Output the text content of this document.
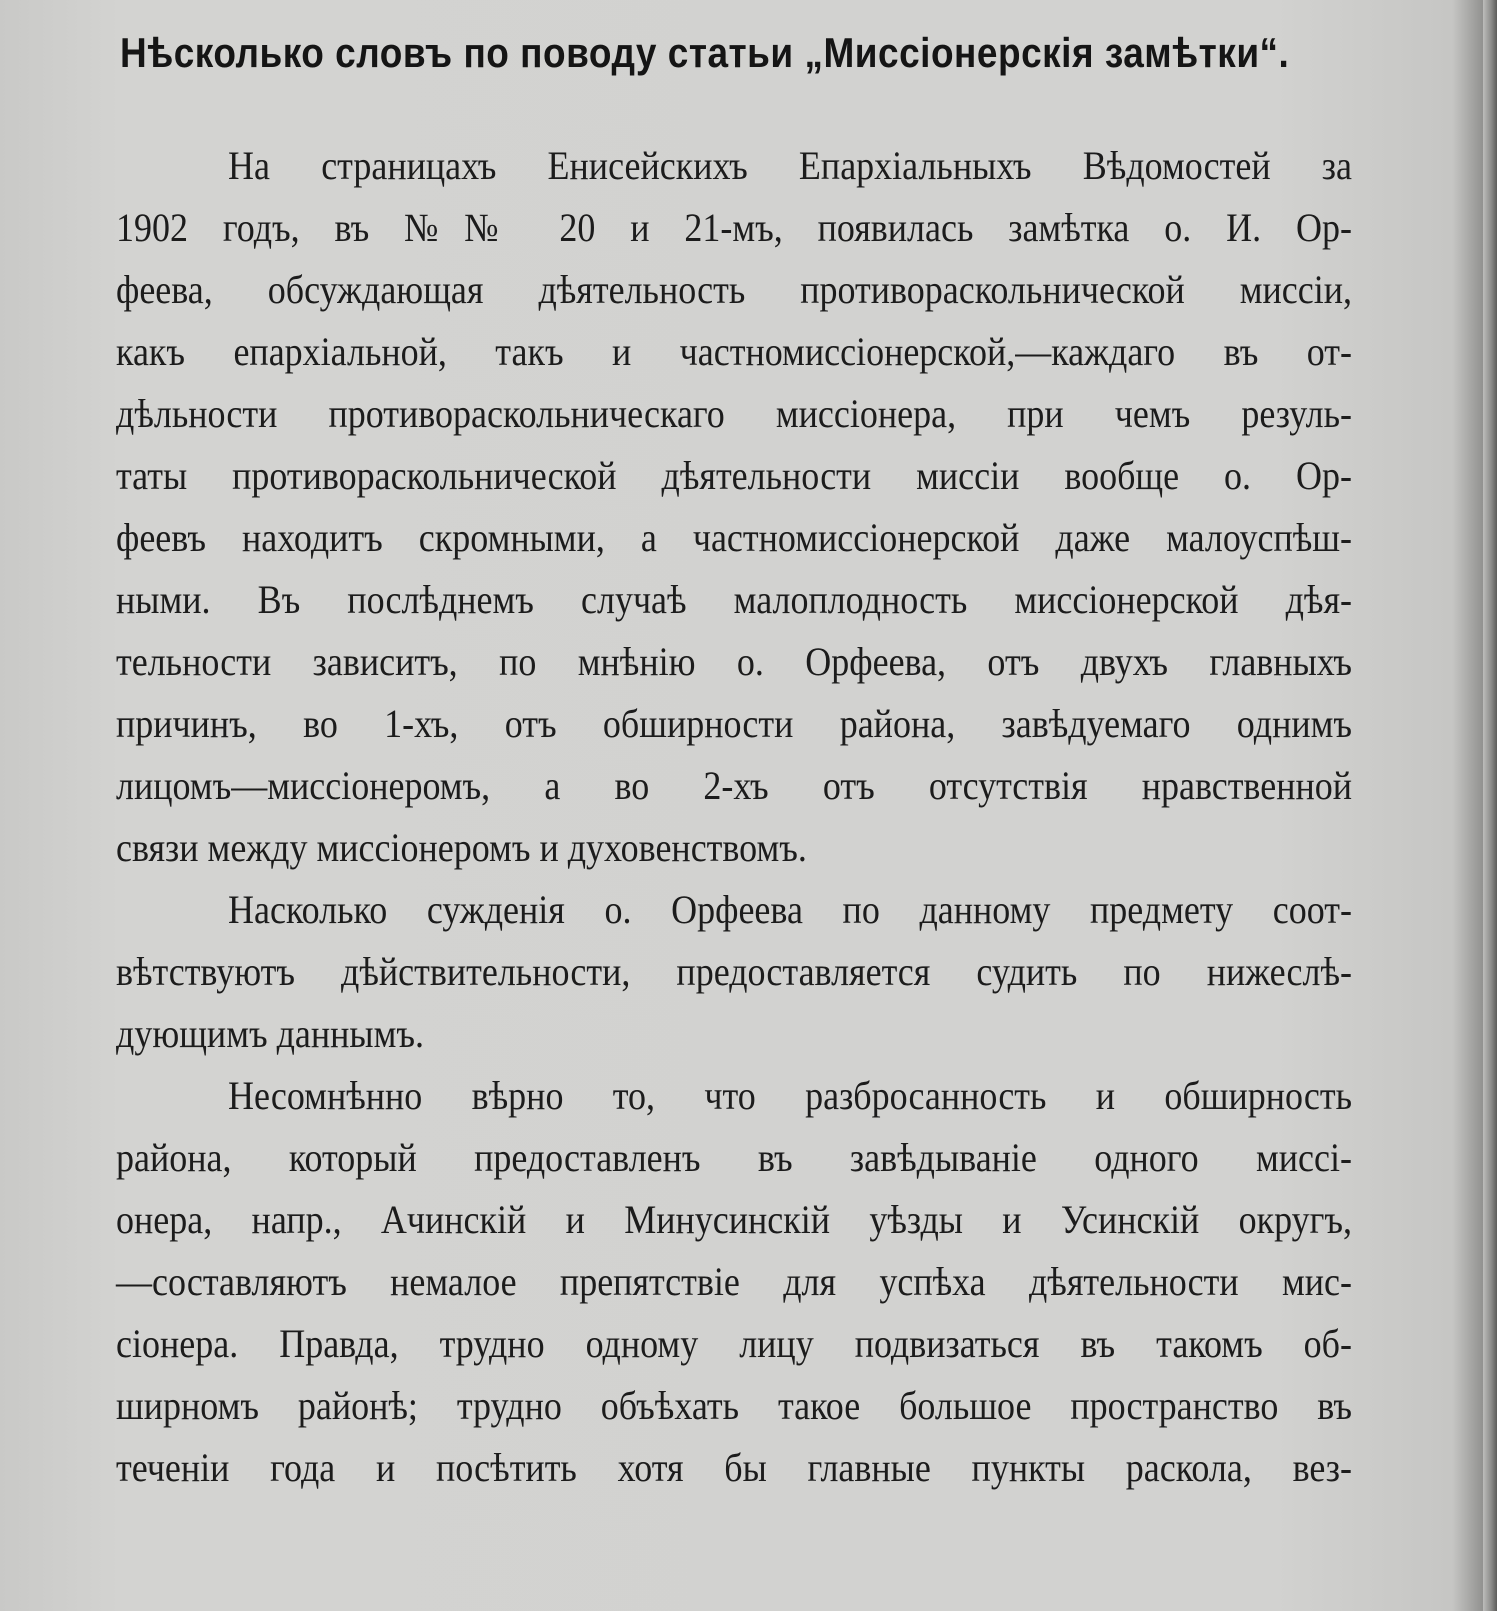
Нѣсколько словъ по поводу статьи „Миссіонерскія замѣтки“.
На страницахъ Енисейскихъ Епархіальныхъ Вѣдомостей за
1902 годъ, въ №№ 20 и 21-мъ, появилась замѣтка о. И. Ор-
феева, обсуждающая дѣятельность противораскольнической миссіи,
какъ епархіальной, такъ и частномиссіонерской,—каждаго въ от-
дѣльности противораскольническаго миссіонера, при чемъ резуль-
таты противораскольнической дѣятельности миссіи вообще о. Ор-
феевъ находитъ скромными, а частномиссіонерской даже малоуспѣш-
ными. Въ послѣднемъ случаѣ малоплодность миссіонерской дѣя-
тельности зависитъ, по мнѣнію о. Орфеева, отъ двухъ главныхъ
причинъ, во 1-хъ, отъ обширности района, завѣдуемаго однимъ
лицомъ—миссіонеромъ, а во 2-хъ отъ отсутствія нравственной
связи между миссіонеромъ и духовенствомъ.
Насколько сужденія о. Орфеева по данному предмету соот-
вѣтствуютъ дѣйствительности, предоставляется судить по нижеслѣ-
дующимъ даннымъ.
Несомнѣнно вѣрно то, что разбросанность и обширность
района, который предоставленъ въ завѣдываніе одного миссі-
онера, напр., Ачинскій и Минусинскій уѣзды и Усинскій округъ,
—составляютъ немалое препятствіе для успѣха дѣятельности мис-
сіонера. Правда, трудно одному лицу подвизаться въ такомъ об-
ширномъ районѣ; трудно объѣхать такое большое пространство въ
теченіи года и посѣтить хотя бы главные пункты раскола, вез-
